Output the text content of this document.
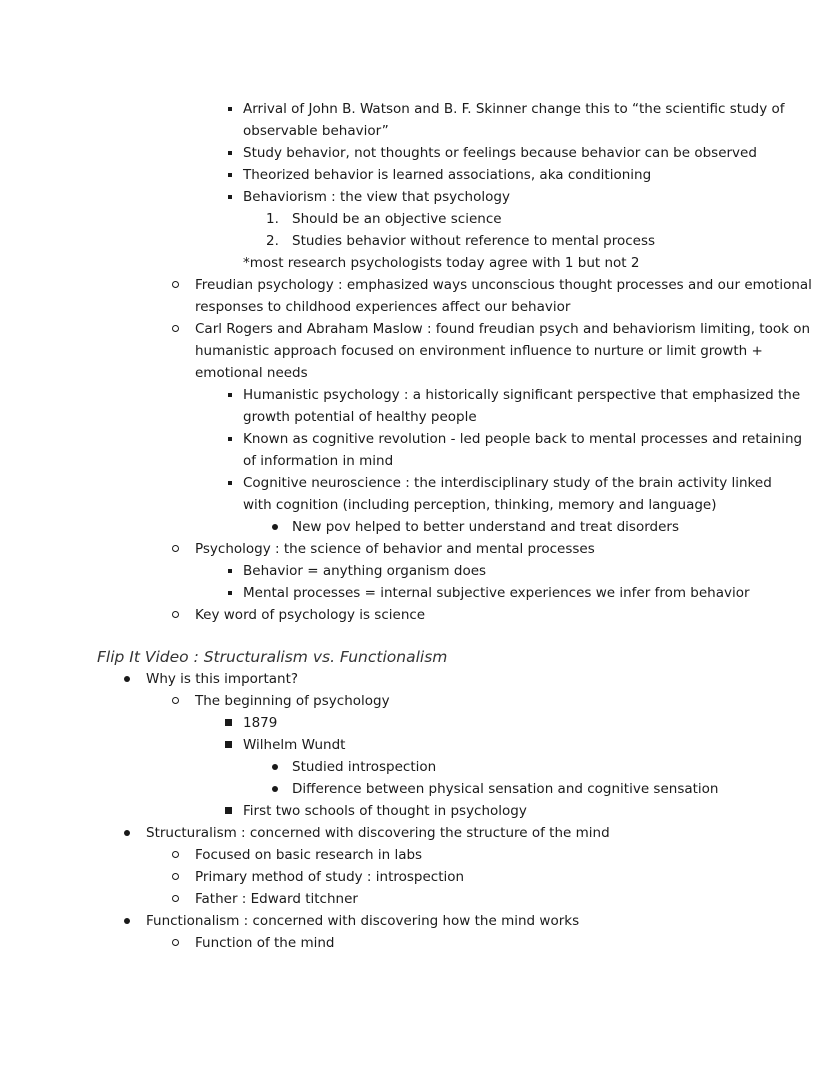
Arrival of John B. Watson and B. F. Skinner change this to “the scientific study of
observable behavior”
Study behavior, not thoughts or feelings because behavior can be observed
Theorized behavior is learned associations, aka conditioning
Behaviorism : the view that psychology
1. Should be an objective science
2. Studies behavior without reference to mental process
*most research psychologists today agree with 1 but not 2
Freudian psychology : emphasized ways unconscious thought processes and our emotional
responses to childhood experiences affect our behavior
Carl Rogers and Abraham Maslow : found freudian psych and behaviorism limiting, took on
humanistic approach focused on environment influence to nurture or limit growth +
emotional needs
Humanistic psychology : a historically significant perspective that emphasized the
growth potential of healthy people
Known as cognitive revolution - led people back to mental processes and retaining
of information in mind
Cognitive neuroscience : the interdisciplinary study of the brain activity linked
with cognition (including perception, thinking, memory and language)
New pov helped to better understand and treat disorders
Psychology : the science of behavior and mental processes
Behavior = anything organism does
Mental processes = internal subjective experiences we infer from behavior
Key word of psychology is science
Flip It Video : Structuralism vs. Functionalism
Why is this important?
The beginning of psychology
1879
Wilhelm Wundt
Studied introspection
Difference between physical sensation and cognitive sensation
First two schools of thought in psychology
Structuralism : concerned with discovering the structure of the mind
Focused on basic research in labs
Primary method of study : introspection
Father : Edward titchner
Functionalism : concerned with discovering how the mind works
Function of the mind
